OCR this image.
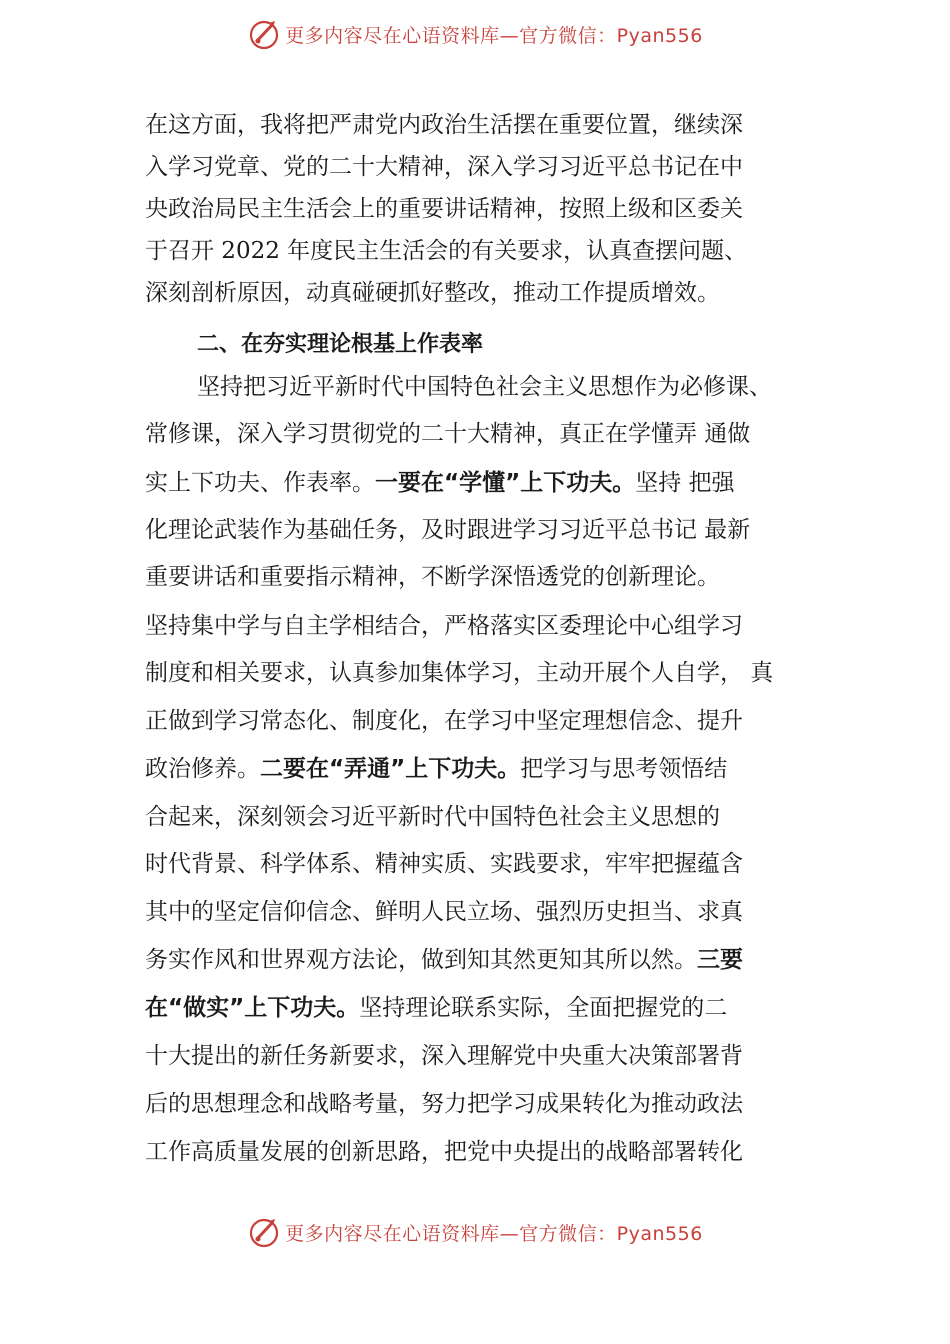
更多内容尽在心语资料库—官方微信：Pyan556
在这方面，我将把严肃党内政治生活摆在重要位置，继续深
入学习党章、党的二十大精神，深入学习习近平总书记在中
央政治局民主生活会上的重要讲话精神，按照上级和区委关
于召开 2022 年度民主生活会的有关要求，认真查摆问题、
深刻剖析原因，动真碰硬抓好整改，推动工作提质增效。
二、在夯实理论根基上作表率
坚持把习近平新时代中国特色社会主义思想作为必修课、
常修课，深入学习贯彻党的二十大精神，真正在学懂弄 通做
实上下功夫、作表率。一要在“学懂”上下功夫。坚持 把强
化理论武装作为基础任务，及时跟进学习习近平总书记 最新
重要讲话和重要指示精神，不断学深悟透党的创新理论。
坚持集中学与自主学相结合，严格落实区委理论中心组学习
制度和相关要求，认真参加集体学习，主动开展个人自学， 真
正做到学习常态化、制度化，在学习中坚定理想信念、提升
政治修养。二要在“弄通”上下功夫。把学习与思考领悟结
合起来，深刻领会习近平新时代中国特色社会主义思想的
时代背景、科学体系、精神实质、实践要求，牢牢把握蕴含
其中的坚定信仰信念、鲜明人民立场、强烈历史担当、求真
务实作风和世界观方法论，做到知其然更知其所以然。三要
在“做实”上下功夫。坚持理论联系实际，全面把握党的二
十大提出的新任务新要求，深入理解党中央重大决策部署背
后的思想理念和战略考量，努力把学习成果转化为推动政法
工作高质量发展的创新思路，把党中央提出的战略部署转化
更多内容尽在心语资料库—官方微信：Pyan556
